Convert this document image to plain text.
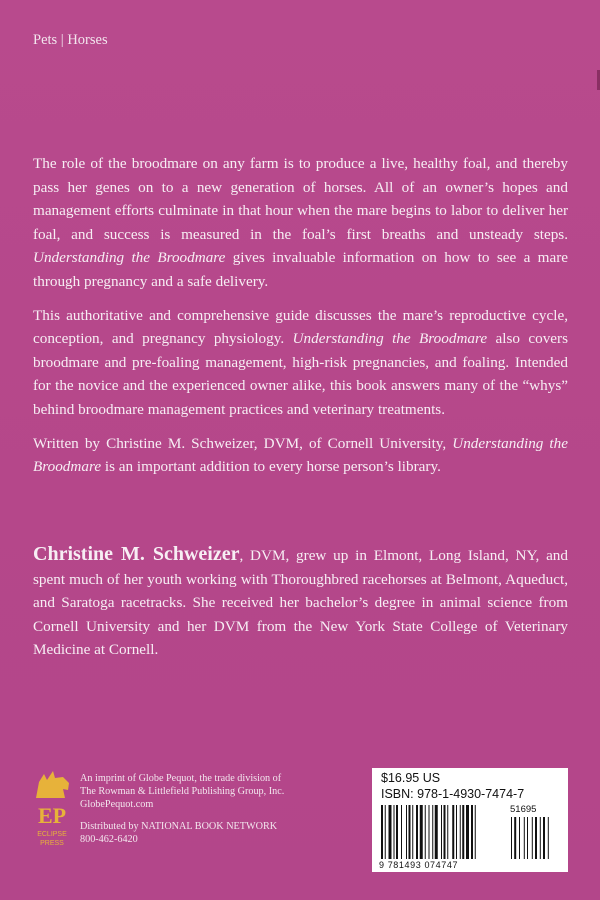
Pets | Horses

The role of the broodmare on any farm is to produce a live, healthy foal, and thereby pass her genes on to a new generation of horses. All of an owner’s hopes and management efforts culminate in that hour when the mare begins to labor to deliver her foal, and success is measured in the foal’s first breaths and unsteady steps. Understanding the Broodmare gives invaluable information on how to see a mare through pregnancy and a safe delivery.

This authoritative and comprehensive guide discusses the mare’s reproductive cycle, conception, and pregnancy physiology. Understanding the Broodmare also covers broodmare and pre-foaling management, high-risk pregnancies, and foaling. Intended for the novice and the experienced owner alike, this book answers many of the “whys” behind broodmare management practices and veterinary treatments.

Written by Christine M. Schweizer, DVM, of Cornell University, Understanding the Broodmare is an important addition to every horse person’s library.

Christine M. Schweizer, DVM, grew up in Elmont, Long Island, NY, and spent much of her youth working with Thoroughbred racehorses at Belmont, Aqueduct, and Saratoga racetracks. She received her bachelor’s degree in animal science from Cornell University and her DVM from the New York State College of Veterinary Medicine at Cornell.
EP
ECLIPSE
PRESS
An imprint of Globe Pequot, the trade division of
The Rowman & Littlefield Publishing Group, Inc.
GlobePequot.com
Distributed by NATIONAL BOOK NETWORK
800-462-6420
$16.95 US
ISBN: 978-1-4930-7474-7
51695
9 781493 074747
